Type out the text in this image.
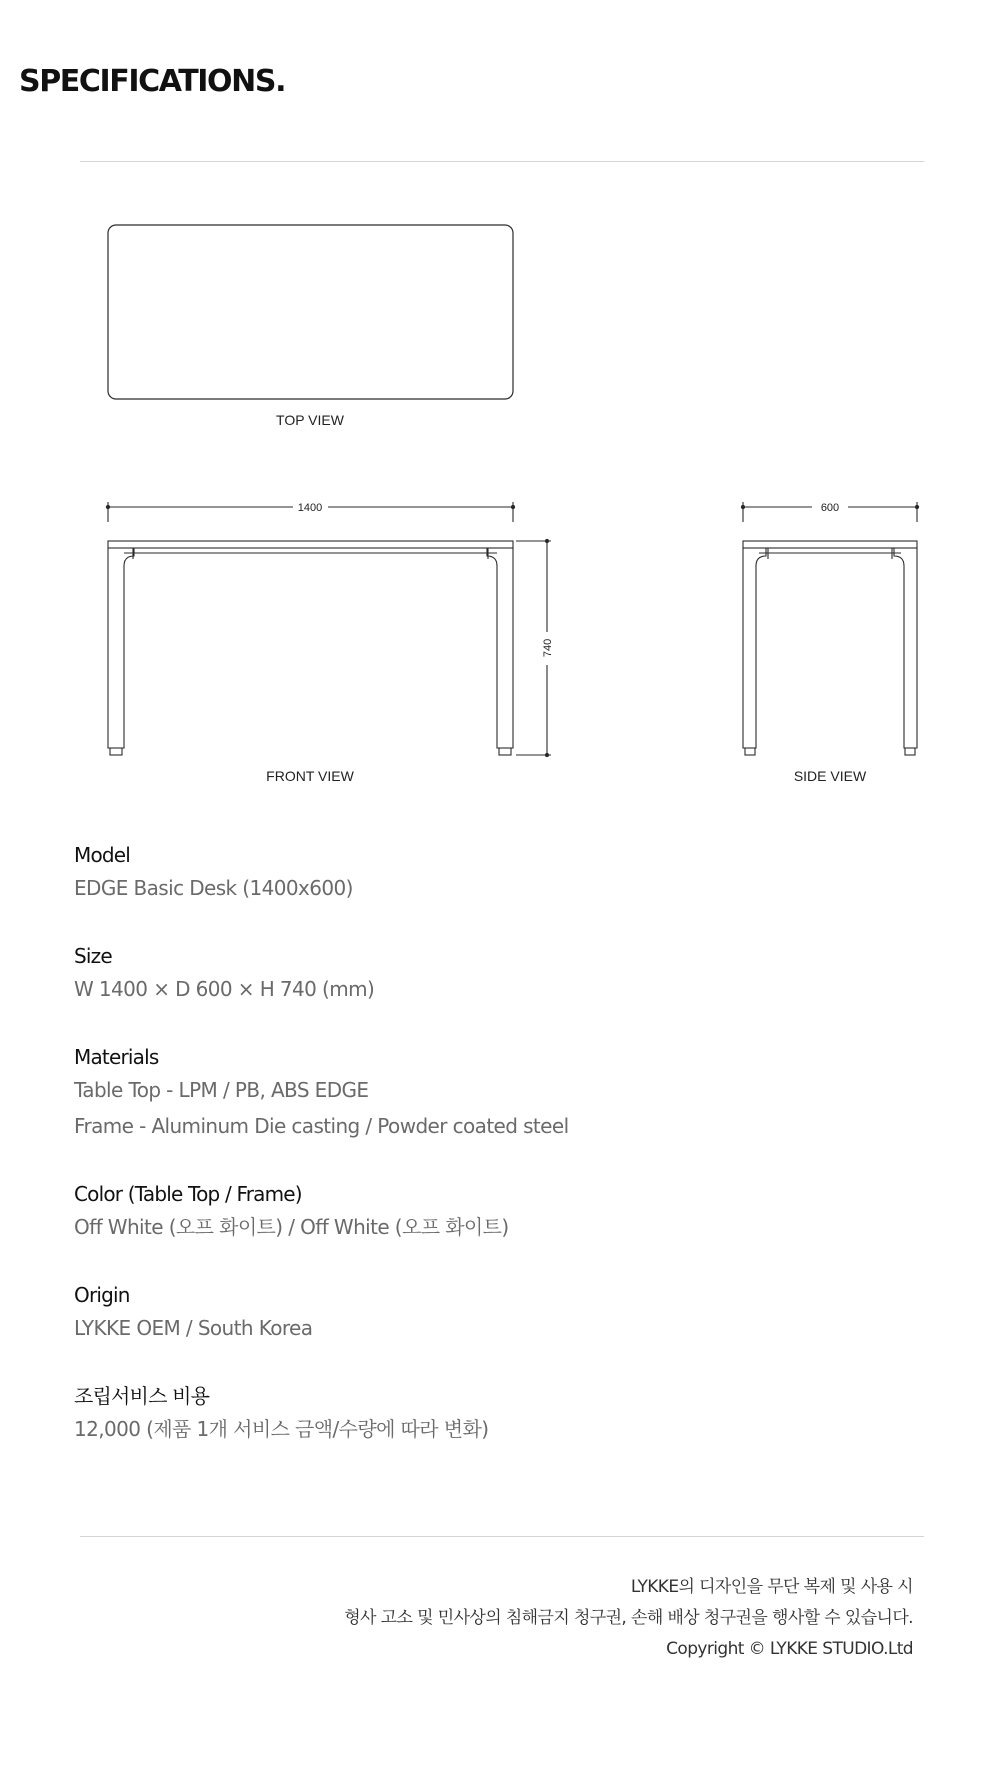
SPECIFICATIONS.
TOP VIEW
1400
740
FRONT VIEW
600
SIDE VIEW
Model
EDGE Basic Desk (1400x600)
Size
W 1400 × D 600 × H 740 (mm)
Materials
Table Top - LPM / PB, ABS EDGE
Frame - Aluminum Die casting / Powder coated steel
Color (Table Top / Frame)
Off White (오프 화이트) / Off White (오프 화이트)
Origin
LYKKE OEM / South Korea
조립서비스 비용
12,000 (제품 1개 서비스 금액/수량에 따라 변화)
LYKKE의 디자인을 무단 복제 및 사용 시
형사 고소 및 민사상의 침해금지 청구권, 손해 배상 청구권을 행사할 수 있습니다.
Copyright © LYKKE STUDIO.Ltd
